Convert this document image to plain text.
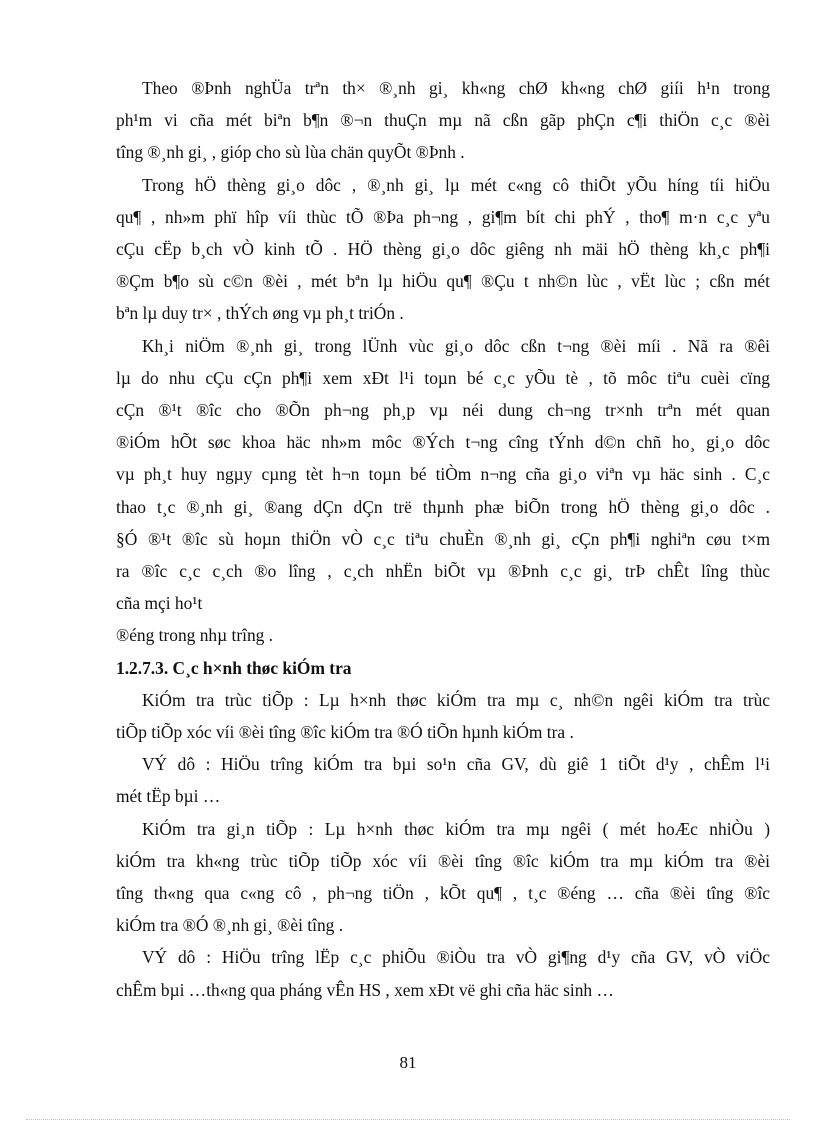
Theo ®Þnh nghÜa trªn th× ®¸nh gi¸ kh«ng chØ kh«ng chØ giíi h¹n trong
ph¹m vi cña mét biªn b¶n ®¬n thuÇn mµ nã cßn gãp phÇn c¶i thiÖn c¸c ®èi
tîng ®¸nh gi¸ , gióp cho sù lùa chän quyÕt ®Þnh .
Trong hÖ thèng gi¸o dôc , ®¸nh gi¸ lµ mét c«ng cô thiÕt yÕu híng tíi hiÖu
qu¶ , nh»m phï hîp víi thùc tÕ ®Þa ph¬ng , gi¶m bít chi phÝ , tho¶ m·n c¸c yªu
cÇu cËp b¸ch vÒ kinh tÕ . HÖ thèng gi¸o dôc giêng nh mäi hÖ thèng kh¸c ph¶i
®Çm b¶o sù c©n ®èi , mét bªn lµ hiÖu qu¶ ®Çu t nh©n lùc , vËt lùc ; cßn mét
bªn lµ duy tr× , thÝch øng vµ ph¸t triÓn .
Kh¸i niÖm ®¸nh gi¸ trong lÜnh vùc gi¸o dôc cßn t¬ng ®èi míi . Nã ra ®êi
lµ do nhu cÇu cÇn ph¶i xem xÐt l¹i toµn bé c¸c yÕu tè , tõ môc tiªu cuèi cïng
cÇn ®¹t ®îc cho ®Õn ph¬ng ph¸p vµ néi dung ch¬ng tr×nh trªn mét quan
®iÓm hÕt søc khoa häc nh»m môc ®Ých t¬ng cîng tÝnh d©n chñ ho¸ gi¸o dôc
vµ ph¸t huy ngµy cµng tèt h¬n toµn bé tiÒm n¬ng cña gi¸o viªn vµ häc sinh . C¸c
thao t¸c ®¸nh gi¸ ®ang dÇn dÇn trë thµnh phæ biÕn trong hÖ thèng gi¸o dôc .
§Ó ®¹t ®îc sù hoµn thiÖn vÒ c¸c tiªu chuÈn ®¸nh gi¸ cÇn ph¶i nghiªn cøu t×m
ra ®îc c¸c c¸ch ®o lîng , c¸ch nhËn biÕt vµ ®Þnh c¸c gi¸ trÞ chÊt lîng thùc
cña mçi ho¹t
®éng trong nhµ trîng .
1.2.7.3. C¸c h×nh thøc kiÓm tra
KiÓm tra trùc tiÕp : Lµ h×nh thøc kiÓm tra mµ c¸ nh©n ngêi kiÓm tra trùc
tiÕp tiÕp xóc víi ®èi tîng ®îc kiÓm tra ®Ó tiÕn hµnh kiÓm tra .
VÝ dô : HiÖu trîng kiÓm tra bµi so¹n cña GV, dù giê 1 tiÕt d¹y , chÊm l¹i
mét tËp bµi …
KiÓm tra gi¸n tiÕp : Lµ h×nh thøc kiÓm tra mµ ngêi ( mét hoÆc nhiÒu )
kiÓm tra kh«ng trùc tiÕp tiÕp xóc víi ®èi tîng ®îc kiÓm tra mµ kiÓm tra ®èi
tîng th«ng qua c«ng cô , ph¬ng tiÖn , kÕt qu¶ , t¸c ®éng … cña ®èi tîng ®îc
kiÓm tra ®Ó ®¸nh gi¸ ®èi tîng .
VÝ dô : HiÖu trîng lËp c¸c phiÕu ®iÒu tra vÒ gi¶ng d¹y cña GV, vÒ viÖc
chÊm bµi …th«ng qua pháng vÊn HS , xem xÐt vë ghi cña häc sinh …
81
